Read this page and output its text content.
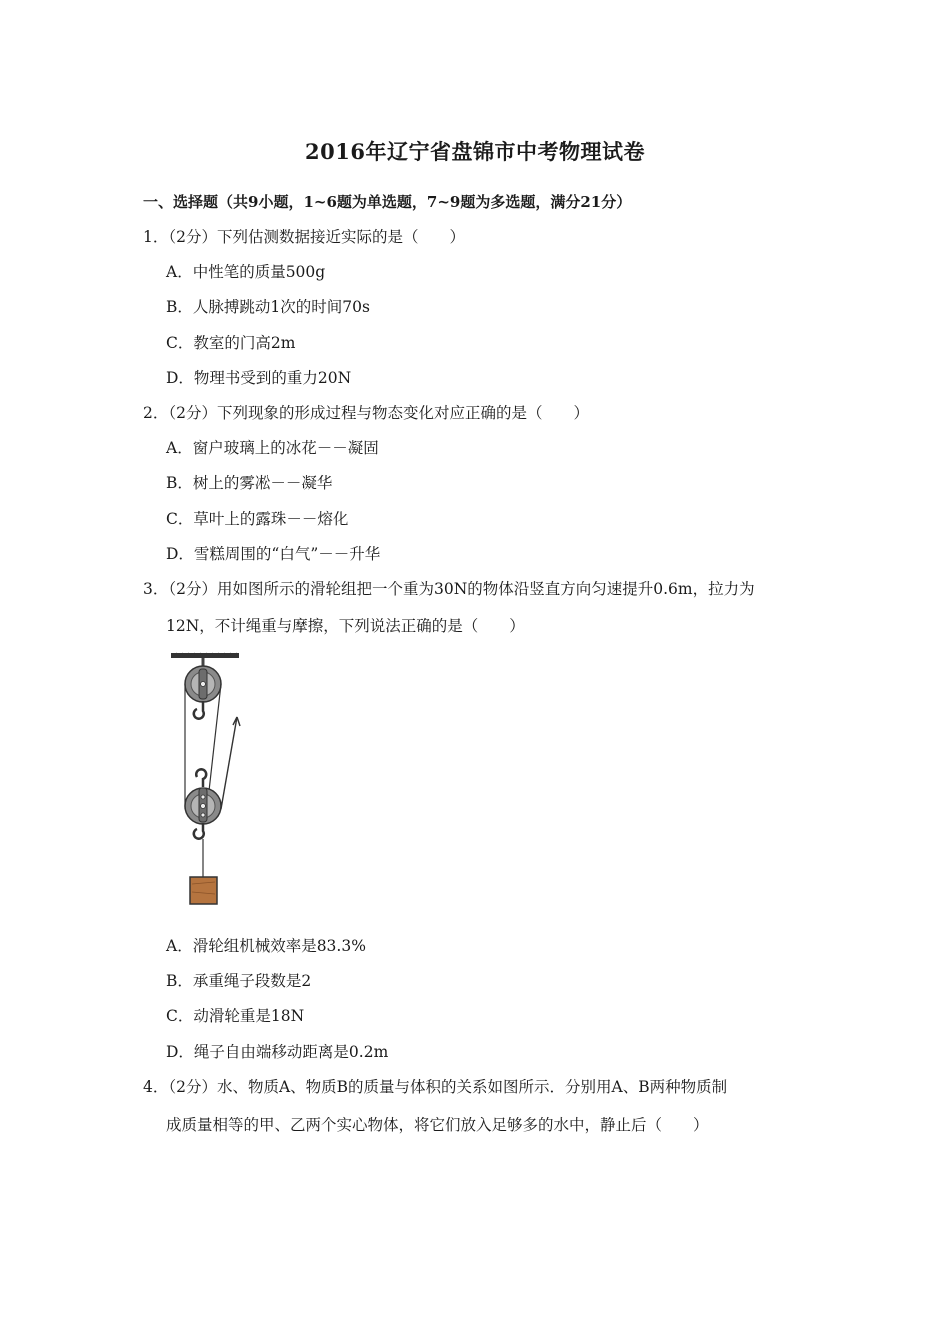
2016年辽宁省盘锦市中考物理试卷
一、选择题（共9小题，1~6题为单选题，7~9题为多选题，满分21分）
1．（2分）下列估测数据接近实际的是（　　）
A．中性笔的质量500g
B．人脉搏跳动1次的时间70s
C．教室的门高2m
D．物理书受到的重力20N
2．（2分）下列现象的形成过程与物态变化对应正确的是（　　）
A．窗户玻璃上的冰花－－凝固
B．树上的雾凇－－凝华
C．草叶上的露珠－－熔化
D．雪糕周围的“白气”－－升华
3．（2分）用如图所示的滑轮组把一个重为30N的物体沿竖直方向匀速提升0.6m，拉力为
12N，不计绳重与摩擦，下列说法正确的是（　　）
A．滑轮组机械效率是83.3%
B．承重绳子段数是2
C．动滑轮重是18N
D．绳子自由端移动距离是0.2m
4．（2分）水、物质A、物质B的质量与体积的关系如图所示．分别用A、B两种物质制
成质量相等的甲、乙两个实心物体，将它们放入足够多的水中，静止后（　　）
